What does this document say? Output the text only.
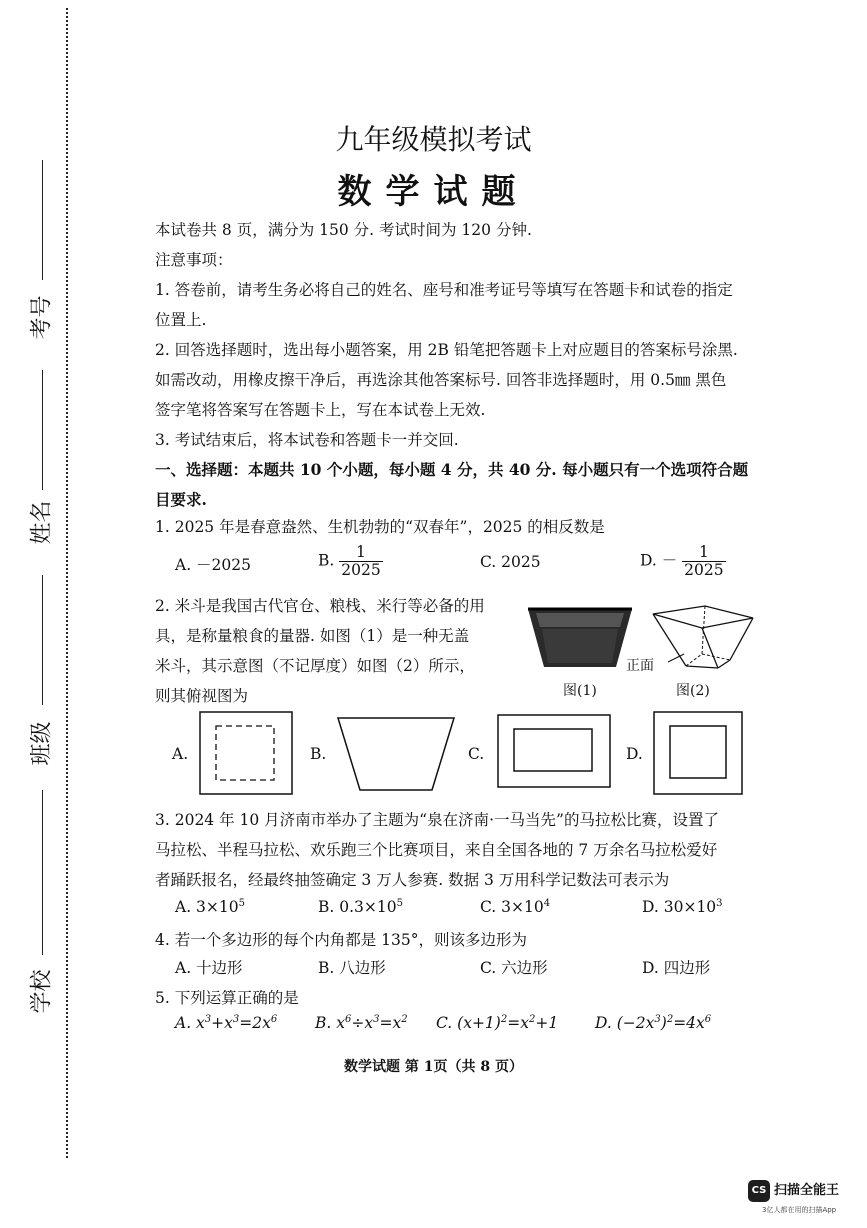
考号
姓名
班级
学校
九年级模拟考试
数学试题
本试卷共 8 页，满分为 150 分. 考试时间为 120 分钟.
注意事项：
1. 答卷前，请考生务必将自己的姓名、座号和准考证号等填写在答题卡和试卷的指定
位置上.
2. 回答选择题时，选出每小题答案，用 2B 铅笔把答题卡上对应题目的答案标号涂黑.
如需改动，用橡皮擦干净后，再选涂其他答案标号. 回答非选择题时，用 0.5㎜ 黑色
签字笔将答案写在答题卡上，写在本试卷上无效.
3. 考试结束后，将本试卷和答题卡一并交回.
一、选择题：本题共 10 个小题，每小题 4 分，共 40 分. 每小题只有一个选项符合题
目要求.
1. 2025 年是春意盎然、生机勃勃的“双春年”，2025 的相反数是
A. －2025	B. $\frac{1}{2025}$	C. 2025	D. － $\frac{1}{2025}$
2. 米斗是我国古代官仓、粮栈、米行等必备的用
具，是称量粮食的量器. 如图（1）是一种无盖
米斗，其示意图（不记厚度）如图（2）所示，
则其俯视图为	图(1)
正面
图(2)
A.	B.	C.	D.
3. 2024 年 10 月济南市举办了主题为“泉在济南·一马当先”的马拉松比赛，设置了
马拉松、半程马拉松、欢乐跑三个比赛项目，来自全国各地的 7 万余名马拉松爱好
者踊跃报名，经最终抽签确定 3 万人参赛. 数据 3 万用科学记数法可表示为
A. $3\times 10^5$	B. $0.3\times 10^5$	C. $3\times 10^4$	D. $30\times 10^3$
4. 若一个多边形的每个内角都是 135°，则该多边形为
A. 十边形	B. 八边形	C. 六边形	D. 四边形
5. 下列运算正确的是
A. $x^3+x^3=2x^6$ B. $x^6\div x^3=x^2$ C. $(x+1)^2=x^2+1$ D. $(-2x^3)^2=4x^6$
数学试题 第 1页（共 8 页）
CS 扫描全能王
3亿人都在用的扫描App
